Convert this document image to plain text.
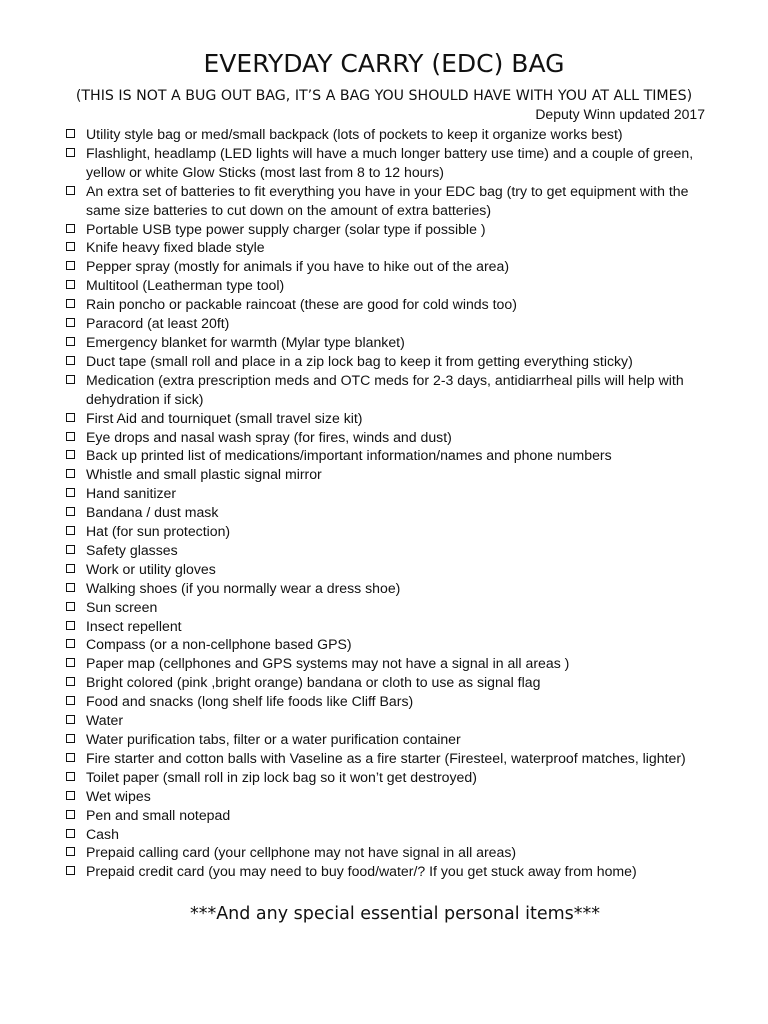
EVERYDAY CARRY (EDC) BAG

(THIS IS NOT A BUG OUT BAG, IT’S A BAG YOU SHOULD HAVE WITH YOU AT ALL TIMES)

Deputy Winn updated 2017

Utility style bag or med/small backpack (lots of pockets to keep it organize works best)
Flashlight, headlamp (LED lights will have a much longer battery use time) and a couple of green, yellow or white Glow Sticks (most last from 8 to 12 hours)
An extra set of batteries to fit everything you have in your EDC bag (try to get equipment with the same size batteries to cut down on the amount of extra batteries)
Portable USB type power supply charger (solar type if possible )
Knife heavy fixed blade style
Pepper spray (mostly for animals if you have to hike out of the area)
Multitool (Leatherman type tool)
Rain poncho or packable raincoat (these are good for cold winds too)
Paracord (at least 20ft)
Emergency blanket for warmth (Mylar type blanket)
Duct tape (small roll and place in a zip lock bag to keep it from getting everything sticky)
Medication (extra prescription meds and OTC meds for 2-3 days, antidiarrheal pills will help with dehydration if sick)
First Aid and tourniquet (small travel size kit)
Eye drops and nasal wash spray (for fires, winds and dust)
Back up printed list of medications/important information/names and phone numbers
Whistle and small plastic signal mirror
Hand sanitizer
Bandana / dust mask
Hat (for sun protection)
Safety glasses
Work or utility gloves
Walking shoes (if you normally wear a dress shoe)
Sun screen
Insect repellent
Compass (or a non-cellphone based GPS)
Paper map (cellphones and GPS systems may not have a signal in all areas )
Bright colored (pink ,bright orange) bandana or cloth to use as signal flag
Food and snacks (long shelf life foods like Cliff Bars)
Water
Water purification tabs, filter or a water purification container
Fire starter and cotton balls with Vaseline as a fire starter (Firesteel, waterproof matches, lighter)
Toilet paper (small roll in zip lock bag so it won’t get destroyed)
Wet wipes
Pen and small notepad
Cash
Prepaid calling card (your cellphone may not have signal in all areas)
Prepaid credit card (you may need to buy food/water/? If you get stuck away from home)

***And any special essential personal items***
